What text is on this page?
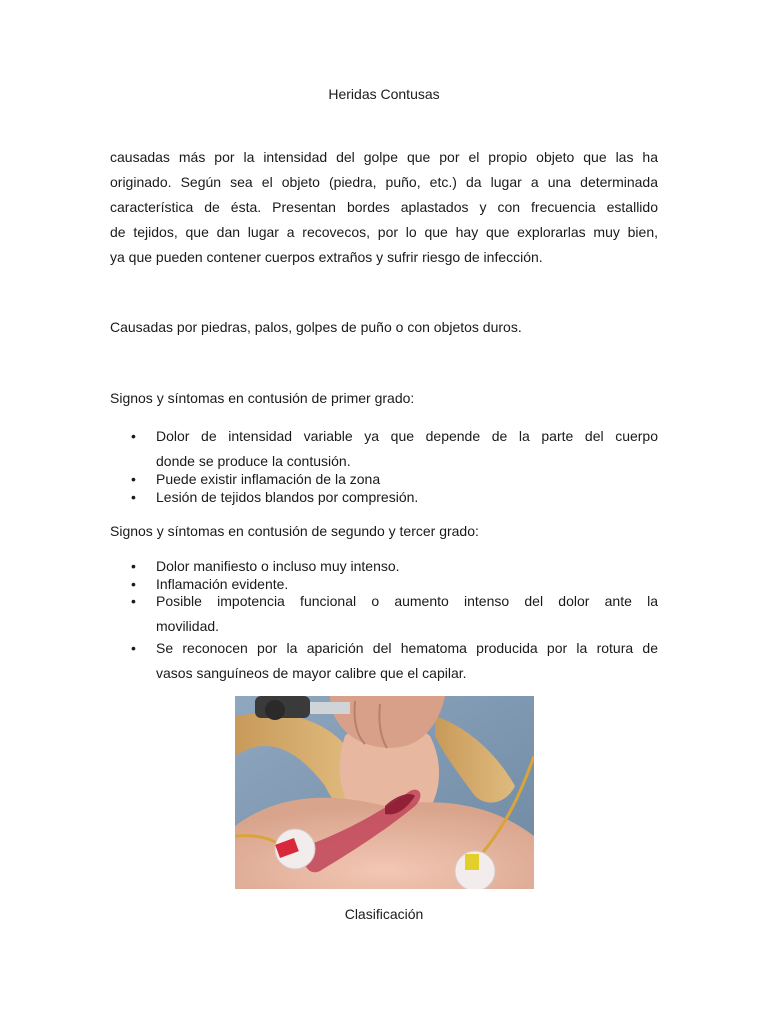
Heridas Contusas
causadas más por la intensidad del golpe que por el propio objeto que las ha
originado. Según sea el objeto (piedra, puño, etc.) da lugar a una determinada
característica de ésta. Presentan bordes aplastados y con frecuencia estallido
de tejidos, que dan lugar a recovecos, por lo que hay que explorarlas muy bien,
ya que pueden contener cuerpos extraños y sufrir riesgo de infección.

Causadas por piedras, palos, golpes de puño o con objetos duros.

Signos y síntomas en contusión de primer grado:

• Dolor de intensidad variable ya que depende de la parte del cuerpo
donde se produce la contusión.
• Puede existir inflamación de la zona
• Lesión de tejidos blandos por compresión.

Signos y síntomas en contusión de segundo y tercer grado:

• Dolor manifiesto o incluso muy intenso.
• Inflamación evidente.
• Posible impotencia funcional o aumento intenso del dolor ante la
movilidad.
• Se reconocen por la aparición del hematoma producida por la rotura de
vasos sanguíneos de mayor calibre que el capilar.
Clasificación
